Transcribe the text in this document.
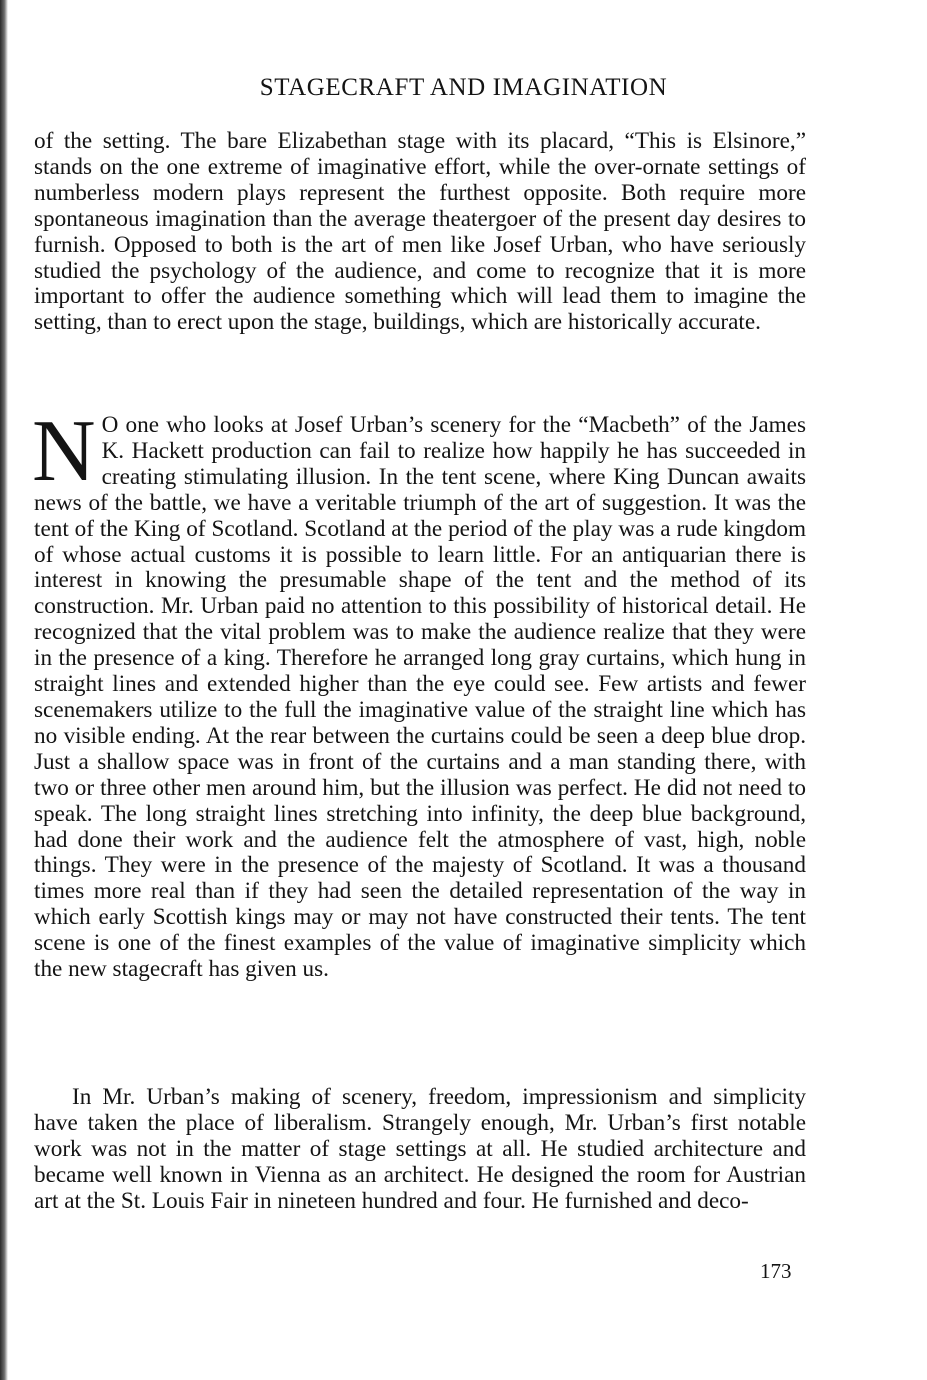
STAGECRAFT AND IMAGINATION

of the setting. The bare Elizabethan stage with its placard, “This is Elsinore,” stands on the one extreme of imaginative effort, while the over-ornate settings of numberless modern plays represent the furthest opposite. Both require more spontaneous imagination than the average theatergoer of the present day desires to furnish. Opposed to both is the art of men like Josef Urban, who have seriously studied the psychology of the audience, and come to recognize that it is more important to offer the audience something which will lead them to imagine the setting, than to erect upon the stage, buildings, which are historically accurate.

N O one who looks at Josef Urban’s scenery for the “Macbeth” of the James K. Hackett production can fail to realize how happily he has succeeded in creating stimulating illusion. In the tent scene, where King Duncan awaits news of the battle, we have a veritable triumph of the art of suggestion. It was the tent of the King of Scotland. Scotland at the period of the play was a rude kingdom of whose actual customs it is possible to learn little. For an antiquarian there is interest in knowing the presumable shape of the tent and the method of its construction. Mr. Urban paid no attention to this possibility of historical detail. He recognized that the vital problem was to make the audience realize that they were in the presence of a king. Therefore he arranged long gray curtains, which hung in straight lines and extended higher than the eye could see. Few artists and fewer scenemakers utilize to the full the imaginative value of the straight line which has no visible ending. At the rear between the curtains could be seen a deep blue drop. Just a shallow space was in front of the curtains and a man standing there, with two or three other men around him, but the illusion was perfect. He did not need to speak. The long straight lines stretching into infinity, the deep blue background, had done their work and the audience felt the atmosphere of vast, high, noble things. They were in the presence of the majesty of Scotland. It was a thousand times more real than if they had seen the detailed representation of the way in which early Scottish kings may or may not have constructed their tents. The tent scene is one of the finest examples of the value of imaginative simplicity which the new stagecraft has given us.

In Mr. Urban’s making of scenery, freedom, impressionism and simplicity have taken the place of liberalism. Strangely enough, Mr. Urban’s first notable work was not in the matter of stage settings at all. He studied architecture and became well known in Vienna as an architect. He designed the room for Austrian art at the St. Louis Fair in nineteen hundred and four. He furnished and deco-

173
